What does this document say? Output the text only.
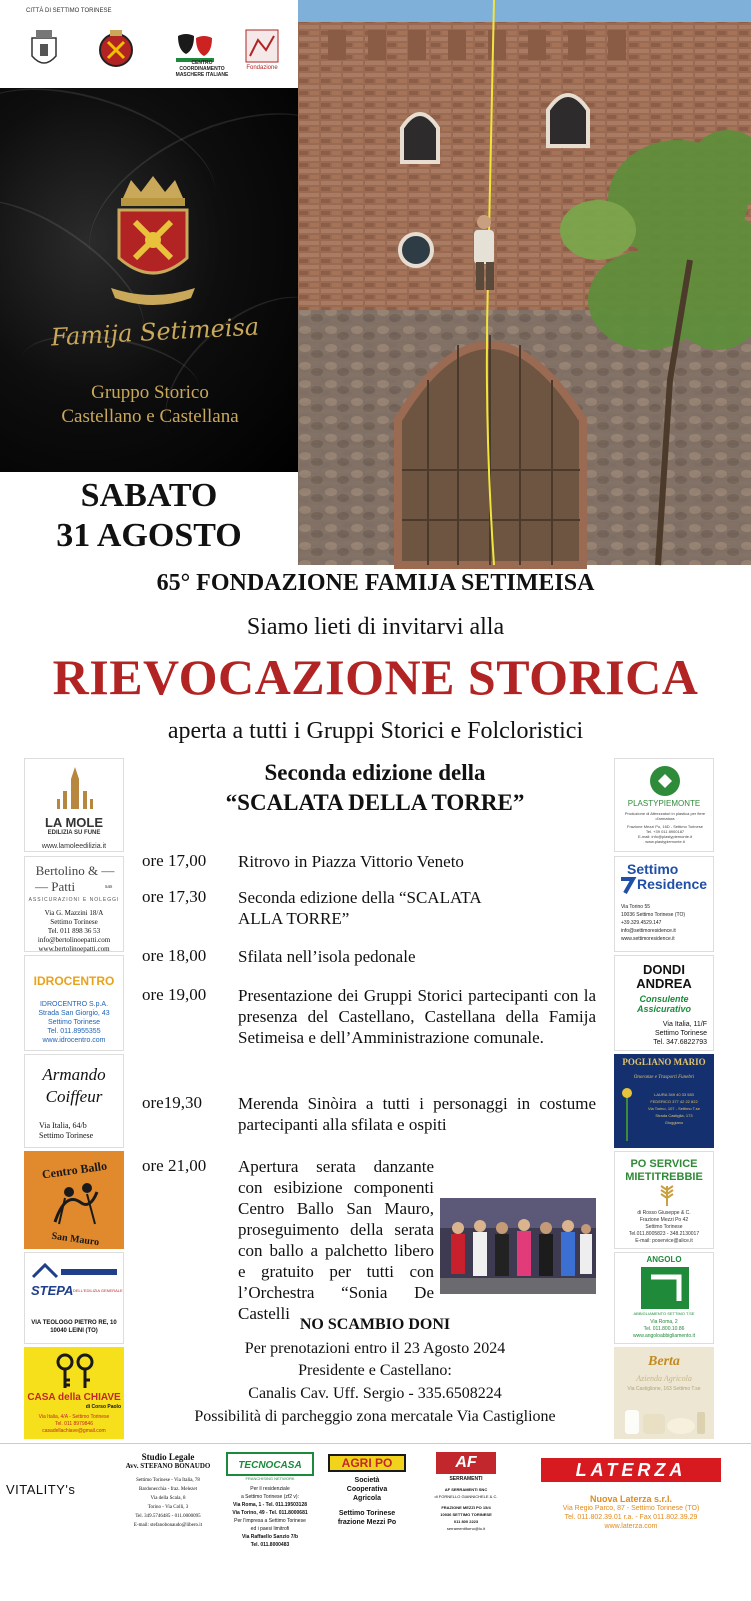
CITTÀ DI SETTIMO TORINESE
CENTRO COORDINAMENTO MASCHERE ITALIANE
Fondazione
Famija Setimeisa
Gruppo Storico
Castellano e Castellana
SABATO
31 AGOSTO
65° FONDAZIONE FAMIJA SETIMEISA
Siamo lieti di invitarvi alla
RIEVOCAZIONE STORICA
aperta a tutti i Gruppi Storici e Folcloristici
Seconda edizione della
“SCALATA DELLA TORRE”
ore 17,00	Ritrovo in Piazza Vittorio Veneto
ore 17,30	Seconda edizione della “SCALATA ALLA TORRE”
ore 18,00	Sfilata nell’isola pedonale
ore 19,00	Presentazione dei Gruppi Storici partecipanti con la presenza del Castellano, Castellana della Famija Setimeisa e dell’Amministrazione comunale.
ore19,30	Merenda Sinòira a tutti i personaggi in costume partecipanti alla sfilata e ospiti
ore 21,00	Apertura serata danzante con esibizione componenti Centro Ballo San Mauro, proseguimento della serata con ballo a palchetto libero e gratuito per tutti con l’Orchestra “Sonia De Castelli
LA MOLE
EDILIZIA SU FUNE
www.lamoleedilizia.it
Bertolino & —
— Patti	sas
ASSICURAZIONI E NOLEGGI
Via G. Mazzini 18/A
Settimo Torinese
Tel. 011 898 36 53
info@bertolinoepatti.com
www.bertolinoepatti.com
IDROCENTRO
IDROCENTRO S.p.A.
Strada San Giorgio, 43
Settimo Torinese
Tel. 011.8955355
www.idrocentro.com
Armando
Coiffeur
Via Italia, 64/b
Settimo Torinese
Centro Ballo
San Mauro
STEPA DELL'EDILIZIA GENERALE
VIA TEOLOGO PIETRO RE, 10
10040 LEINI (TO)
CASA della CHIAVE
di Corso Paolo
Via Italia, 4/A - Settimo Torinese
Tel. 011 8979846
casadellachiave@gmail.com
PLASTYPIEMONTE
Produzione di Attrezzatori in plastica per fiere d'armatura
Frazione Mezzi Po, 16D - Settimo Torinese
Tel. +39 011 8900187
E-mail: info@plastypiemonte.it
www.plastypiemonte.it
Settimo
Residence
Via Torino 55
10036 Settimo Torinese (TO)
+39.329.4529.147
info@settimoresidence.it
www.settimoresidence.it
DONDI
ANDREA
Consulente
Assicurativo
Via Italia, 11/F
Settimo Torinese
Tel. 347.6822793
POGLIANO MARIO
Onoranze e Trasporti Funebri
LAURA 349 40 33 583
FEDERICO 377 42 22 822
Via Torino, 107 - Settimo T.se
Strada Castiglia, 173
Gioggiano
PO SERVICE
MIETITREBBIE
di Rosso Giuseppe & C.
Frazione Mezzi Po 42
Settimo Torinese
Tel.011.8005823 - 348.2130017
E-mail: poservice@alice.it
ANGOLO
ABBIGLIAMENTO SETTIMO T.SE
Via Roma, 2
Tel. 011.800.10.86
www.angoloabbigliamento.it
Berta
Azienda Agricola
Via Castiglione, 163 Settimo T.se
NO SCAMBIO DONI
Per prenotazioni entro il 23 Agosto 2024
Presidente e Castellano:
Canalis Cav. Uff. Sergio - 335.6508224
Possibilità di parcheggio zona mercatale Via Castiglione
VITALITY's
Studio Legale
Avv. STEFANO BONAUDO
Settimo Torinese - Via Italia, 78
Bardonecchia - fraz. Melezet
Via della Scala, 8
Torino - Via Colli, 3
Tel. 349.5746485 - 011.0000095
E-mail: stefanobonaudo@libero.it
TECNOCASA
FRANCHISING NETWORK
Per il residenziale
a Settimo Torinese (zf2 v):
Via Roma, 1 - Tel. 011.19503128
Via Torino, 49 - Tel. 011.8000681
Per l'impresa a Settimo Torinese
ed i paesi limitrofi
Via Raffaello Sanzio 7/b
Tel. 011.8000483
AGRI PO
Società
Cooperativa
Agricola
Settimo Torinese
frazione Mezzi Po
AF
SERRAMENTI
AF SERRAMENTI SNC
di FORNELLO GIANNICHELE & C.
FRAZIONE MEZZI PO 15/4
10036 SETTIMO TORINESE
011 800 2223
serramentiforno@lo.it
LATERZA
Nuova Laterza s.r.l.
Via Regio Parco, 87 - Settimo Torinese (TO)
Tel. 011.802.39.01 r.a. - Fax 011.802.39.29
www.laterza.com
